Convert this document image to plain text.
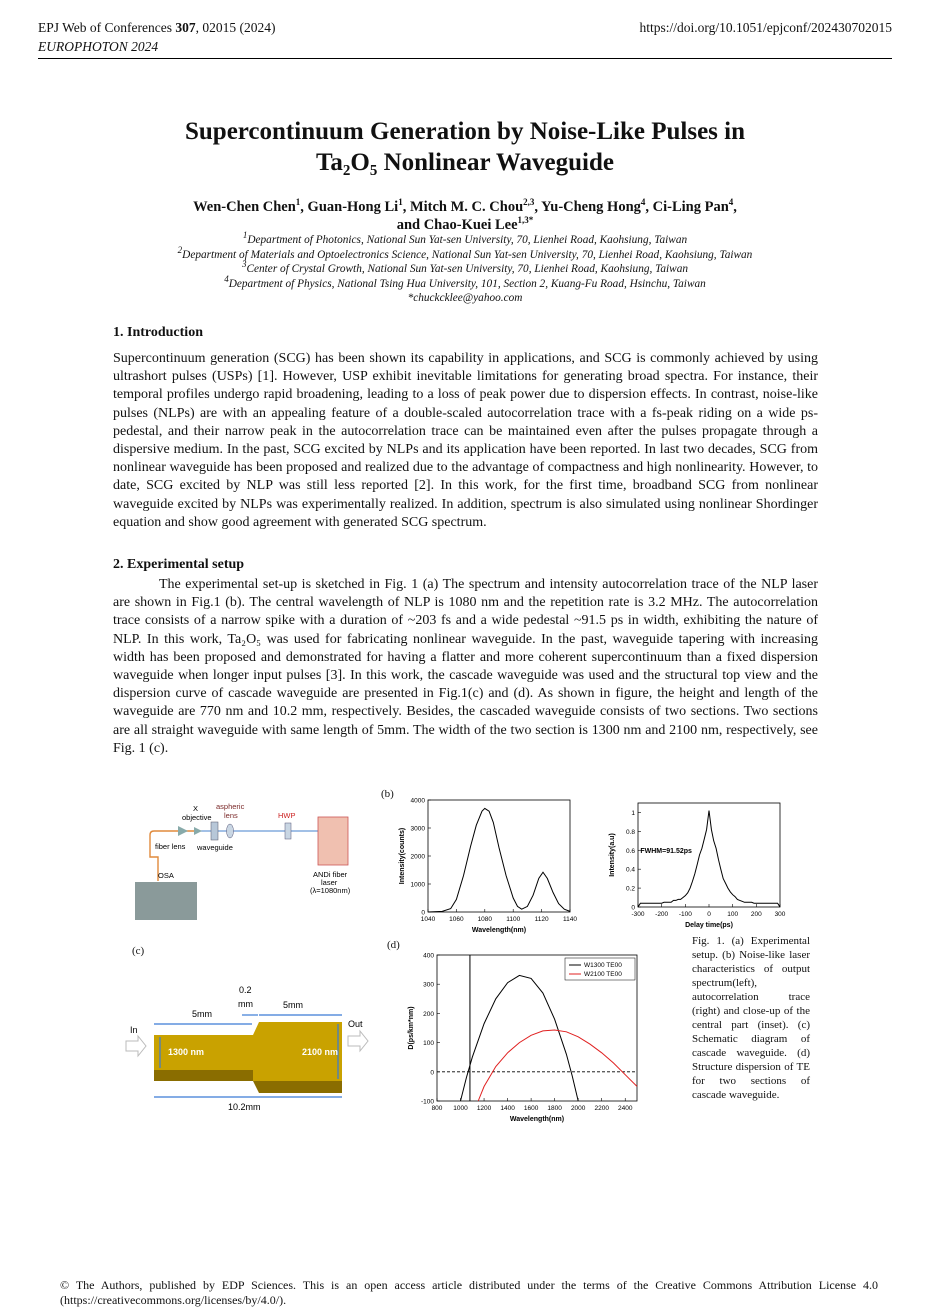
EPJ Web of Conferences 307, 02015 (2024)
EUROPHOTON 2024
https://doi.org/10.1051/epjconf/202430702015
Supercontinuum Generation by Noise-Like Pulses in
Ta₂O₅ Nonlinear Waveguide
Wen-Chen Chen$^1$, Guan-Hong Li$^1$, Mitch M. C. Chou$^{2,3}$, Yu-Cheng Hong$^4$, Ci-Ling Pan$^4$,
and Chao-Kuei Lee$^{1,3*}$
$^1$Department of Photonics, National Sun Yat-sen University, 70, Lienhei Road, Kaohsiung, Taiwan
$^2$Department of Materials and Optoelectronics Science, National Sun Yat-sen University, 70, Lienhei Road, Kaohsiung, Taiwan
$^3$Center of Crystal Growth, National Sun Yat-sen University, 70, Lienhei Road, Kaohsiung, Taiwan
$^4$Department of Physics, National Tsing Hua University, 101, Section 2, Kuang-Fu Road, Hsinchu, Taiwan
*chuckcklee@yahoo.com
1. Introduction
Supercontinuum generation (SCG) has been shown its capability in applications, and SCG is commonly achieved by using ultrashort pulses (USPs) [1]. However, USP exhibit inevitable limitations for generating broad spectra. For instance, their temporal profiles undergo rapid broadening, leading to a loss of peak power due to dispersion effects. In contrast, noise-like pulses (NLPs) are with an appealing feature of a double-scaled autocorrelation trace with a fs-peak riding on a wide ps-pedestal, and their narrow peak in the autocorrelation trace can be maintained even after the pulses propagate through a dispersive medium. In the past, SCG excited by NLPs and its application have been reported. In last two decades, SCG from nonlinear waveguide has been proposed and realized due to the advantage of compactness and high nonlinearity. However, to date, SCG excited by NLP was still less reported [2]. In this work, for the first time, broadband SCG from nonlinear waveguide excited by NLPs was experimentally realized. In addition, spectrum is also simulated using nonlinear Shordinger equation and show good agreement with generated SCG spectrum.
2. Experimental setup
The experimental set-up is sketched in Fig. 1 (a) The spectrum and intensity autocorrelation trace of the NLP laser are shown in Fig.1 (b). The central wavelength of NLP is 1080 nm and the repetition rate is 3.2 MHz. The autocorrelation trace consists of a narrow spike with a duration of ~203 fs and a wide pedestal ~91.5 ps in width, exhibiting the nature of NLP. In this work, Ta₂O₅ was used for fabricating nonlinear waveguide. In the past, waveguide tapering with increasing width has been proposed and demonstrated for having a flatter and more coherent supercontinuum than a fixed dispersion waveguide when longer input pulses [3]. In this work, the cascade waveguide was used and the structural top view and the dispersion curve of cascade waveguide are presented in Fig.1(c) and (d). As shown in figure, the height and length of the waveguide are 770 nm and 10.2 mm, respectively. Besides, the cascaded waveguide consists of two sections. Two sections are all straight waveguide with same length of 5mm. The width of the two section is 1300 nm and 2100 nm, respectively, see Fig. 1 (c).
X
objective
aspheric
lens	HWP
fiber lens waveguide
OSA	ANDi fiber
laser
(λ=1080nm)
(b)
(c)	(d)
1040 1060 1080 1100 1120 1140
0
1000
2000
3000
4000
Wavelength(nm)
Intensity(counts)
-300 -200 -100 0	100 200 300
0
0.2
0.4
0.6
0.8
1
Delay time(ps)
Intensity(a.u)	FWHM=91.52ps
800 1000 1200 1400 1600 1800 2000 2200 2400
-100
0
100
200
300
400
Wavelength(nm)
D(ps/km*nm)
W1300 TE00
W2100 TE00
In
Out
5mm
5mm
0.2
mm
1300 nm	2100 nm
10.2mm
Fig. 1. (a) Experimental setup. (b) Noise-like laser characteristics of output spectrum(left), autocorrelation trace (right) and close-up of the central part (inset). (c) Schematic diagram of cascade waveguide. (d) Structure dispersion of TE for two sections of cascade waveguide.
© The Authors, published by EDP Sciences. This is an open access article distributed under the terms of the Creative Commons Attribution License 4.0 (https://creativecommons.org/licenses/by/4.0/).
